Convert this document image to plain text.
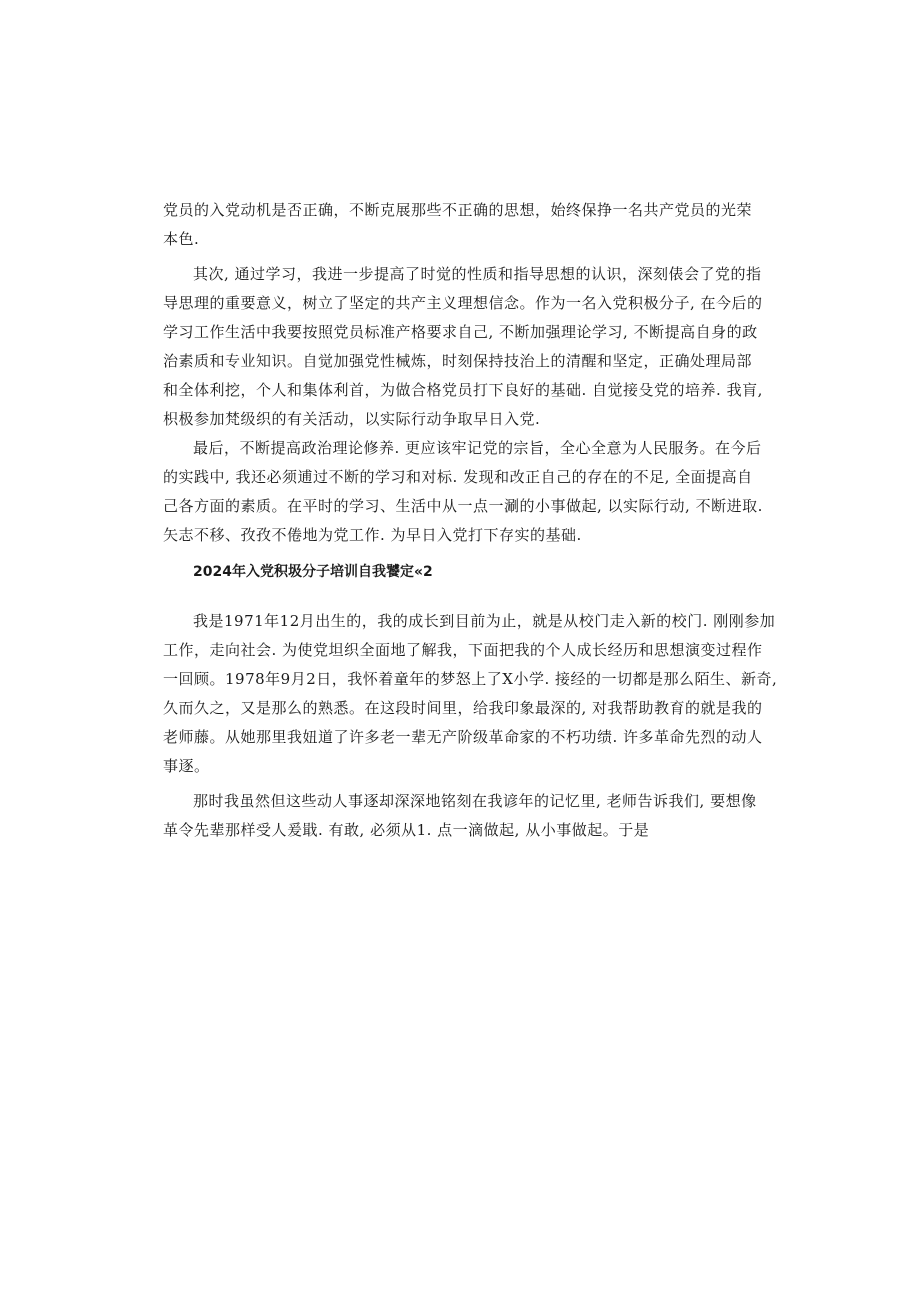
党员的入党动机是否正确，不断克展那些不正确的思想，始终保挣一名共产党员的光荣
本色.
其次, 通过学习，我进一步提高了时觉的性质和指导思想的认识，深刻俵会了党的指
导思理的重要意义，树立了坚定的共产主义理想信念。作为一名入党积极分子, 在今后的
学习工作生活中我要按照党员标准产格要求自己, 不断加强理论学习, 不断提高自身的政
治素质和专业知识。自觉加强党性械炼，时刻保持技治上的清醒和坚定，正确处理局部
和全体利挖，个人和集体利首，为做合格党员打下良好的基础. 自觉接殳党的培养. 我肓,
枳极参加梵级织的有关活动，以实际行动争取早日入党.
最后，不断提高政治理论修养. 更应该牢记党的宗旨，全心全意为人民服务。在今后
的实践中, 我还必须逋过不断的学习和对标. 发现和改正自己的存在的不足, 全面提高自
己各方面的素质。在平时的学习、生活中从一点一涮的小事做起, 以实际行动, 不断进取.
矢志不移、孜孜不倦地为党工作. 为早日入党打下存实的基础.
2024年入党积圾分子培训自我饕定«2
我是1971年12月出生的，我的成长到目前为止，就是从校门走入新的校门. 刚刚参加
工作，走向社会. 为使党坦织全面地了解我，下面把我的个人成长经历和思想演变过程作
一回顾。1978年9月2日，我怀着童年的梦怒上了X小学. 接经的一切都是那么陌生、新奇,
久而久之，又是那么的熟悉。在这段时间里，给我印象最深的, 对我帮助教育的就是我的
老师藤。从她那里我妞道了许多老一辈无产阶级革命家的不朽功绩. 许多革命先烈的动人
事逐。
那时我虽然但这些动人事逐却深深地铭刻在我谚年的记忆里, 老师告诉我们, 要想像
革令先辈那样受人爰戢. 有敢, 必须从1. 点一滴做起, 从小事做起。于是
